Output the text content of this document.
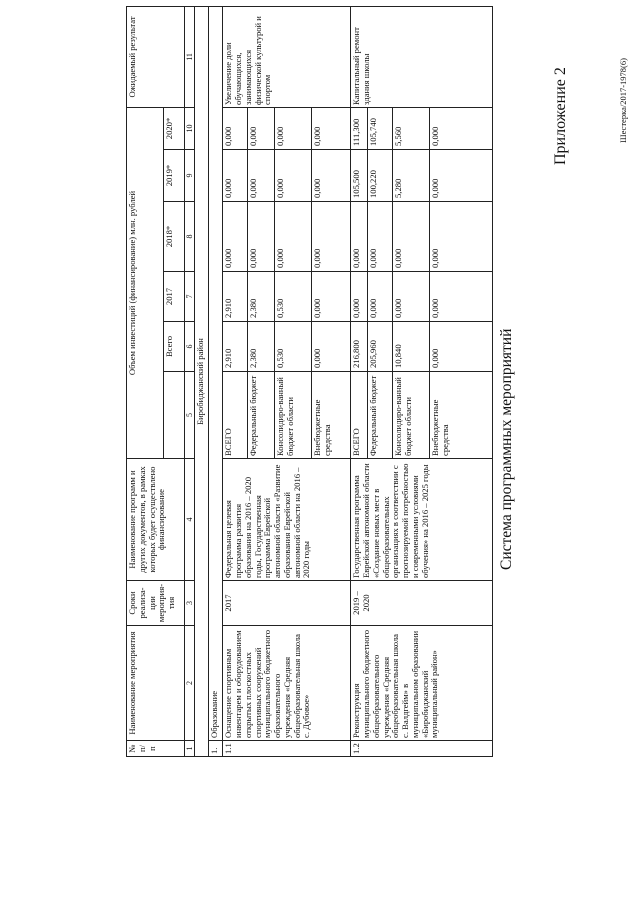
Приложение 2
Система программных мероприятий
№ п/п	Наименование мероприятия	Сроки реализа-ции мероприя-тия	Наименование программ и других документов, в рамках которых будет осуществлено финансирование	Объем инвестиций (финансирование) млн. рублей						Ожидаемый результат
					Всего	2017	2018*	2019*	2020*	
1	2	3	4	5	6	7	8	9	10	11
Биробиджанский район										
1.	Образование									
1.1	Оснащение спортивным инвентарем и оборудованием открытых плоскостных спортивных сооружений муниципального бюджетного образовательного учреждения «Средняя общеобразовательная школа с. Дубовое»	2017	Федеральная целевая программа развития образования на 2016 – 2020 годы, Государственная программа Еврейской автономной области «Развитие образования Еврейской автономной области на 2016 – 2020 годы	ВСЕГО	2,910	2,910	0,000	0,000	0,000	Увеличение доли обучающихся, занимающихся физической культурой и спортом
				Федеральный бюджет	2,380	2,380	0,000	0,000	0,000	
				Консолидиро-ванный бюджет области	0,530	0,530	0,000	0,000	0,000	
				Внебюджетные средства	0,000	0,000	0,000	0,000	0,000	
1.2	Реконструкция муниципального бюджетного общеобразовательного учреждения «Средняя общеобразовательная школа с. Валдгейм» в муниципальном образовании «Биробиджанский муниципальный район»	2019 – 2020	Государственная программа Еврейской автономной области «Создание новых мест в общеобразовательных организациях в соответствии с прогнозируемой потребностью и современными условиями обучения» на 2016 – 2025 годы	ВСЕГО	216,800	0,000	0,000	105,500	111,300	Капитальный ремонт здания школы
				Федеральный бюджет	205,960	0,000	0,000	100,220	105,740	
				Консолидиро-ванный бюджет области	10,840	0,000	0,000	5,280	5,560	
				Внебюджетные средства	0,000	0,000	0,000	0,000	0,000		Шестерка/2017-1978(6)
